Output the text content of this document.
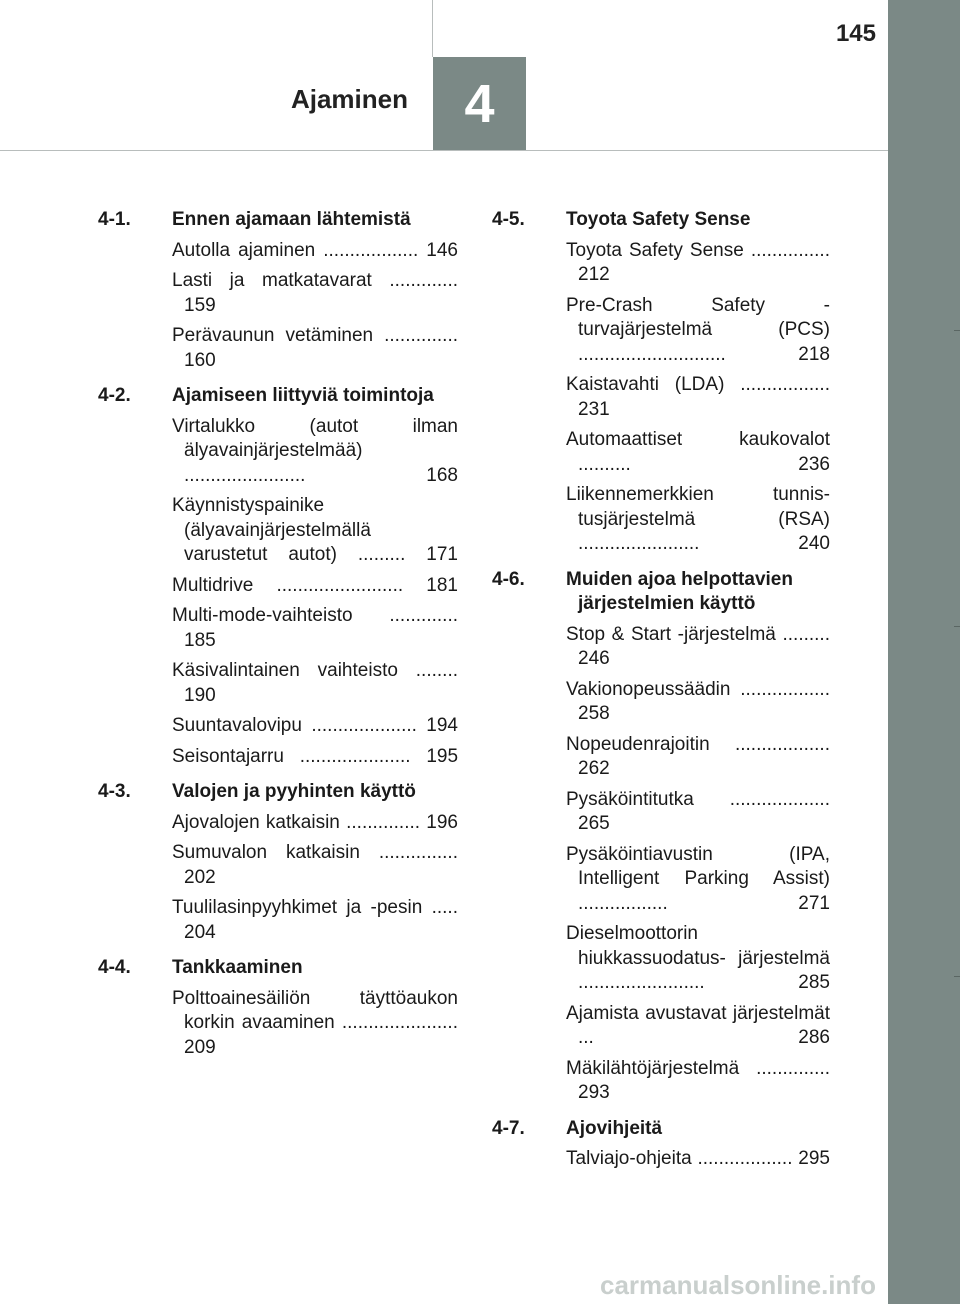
4
Ajaminen
145
4-1.	Ennen ajamaan lähtemistä
Autolla ajaminen .................. 146
Lasti ja matkatavarat ............. 159
Perävaunun vetäminen .............. 160
4-2.	Ajamiseen liittyviä toimintoja
Virtalukko (autot ilman älyavainjärjestelmää) ....................... 168
Käynnistyspainike (älyavainjärjestelmällä varustetut autot) ......... 171
Multidrive ........................ 181
Multi-mode-vaihteisto ............. 185
Käsivalintainen vaihteisto ........ 190
Suuntavalovipu .................... 194
Seisontajarru ..................... 195
4-3.	Valojen ja pyyhinten käyttö
Ajovalojen katkaisin .............. 196
Sumuvalon katkaisin ............... 202
Tuulilasinpyyhkimet ja -pesin ..... 204
4-4.	Tankkaaminen
Polttoainesäiliön täyttöaukon korkin avaaminen ...................... 209
4-5.	Toyota Safety Sense
Toyota Safety Sense ............... 212
Pre-Crash Safety -turvajärjestelmä (PCS) ............................ 218
Kaistavahti (LDA) ................. 231
Automaattiset kaukovalot .......... 236
Liikennemerkkien tunnis- tusjärjestelmä (RSA) ....................... 240
4-6.	Muiden ajoa helpottavien järjestelmien käyttö
Stop & Start -järjestelmä ......... 246
Vakionopeussäädin ................. 258
Nopeudenrajoitin .................. 262
Pysäköintitutka ................... 265
Pysäköintiavustin (IPA, Intelligent Parking Assist) ................. 271
Dieselmoottorin hiukkassuodatus- järjestelmä ........................ 285
Ajamista avustavat järjestelmät ... 286
Mäkilähtöjärjestelmä .............. 293
4-7.	Ajovihjeitä
Talviajo-ohjeita .................. 295
carmanualsonline.info
